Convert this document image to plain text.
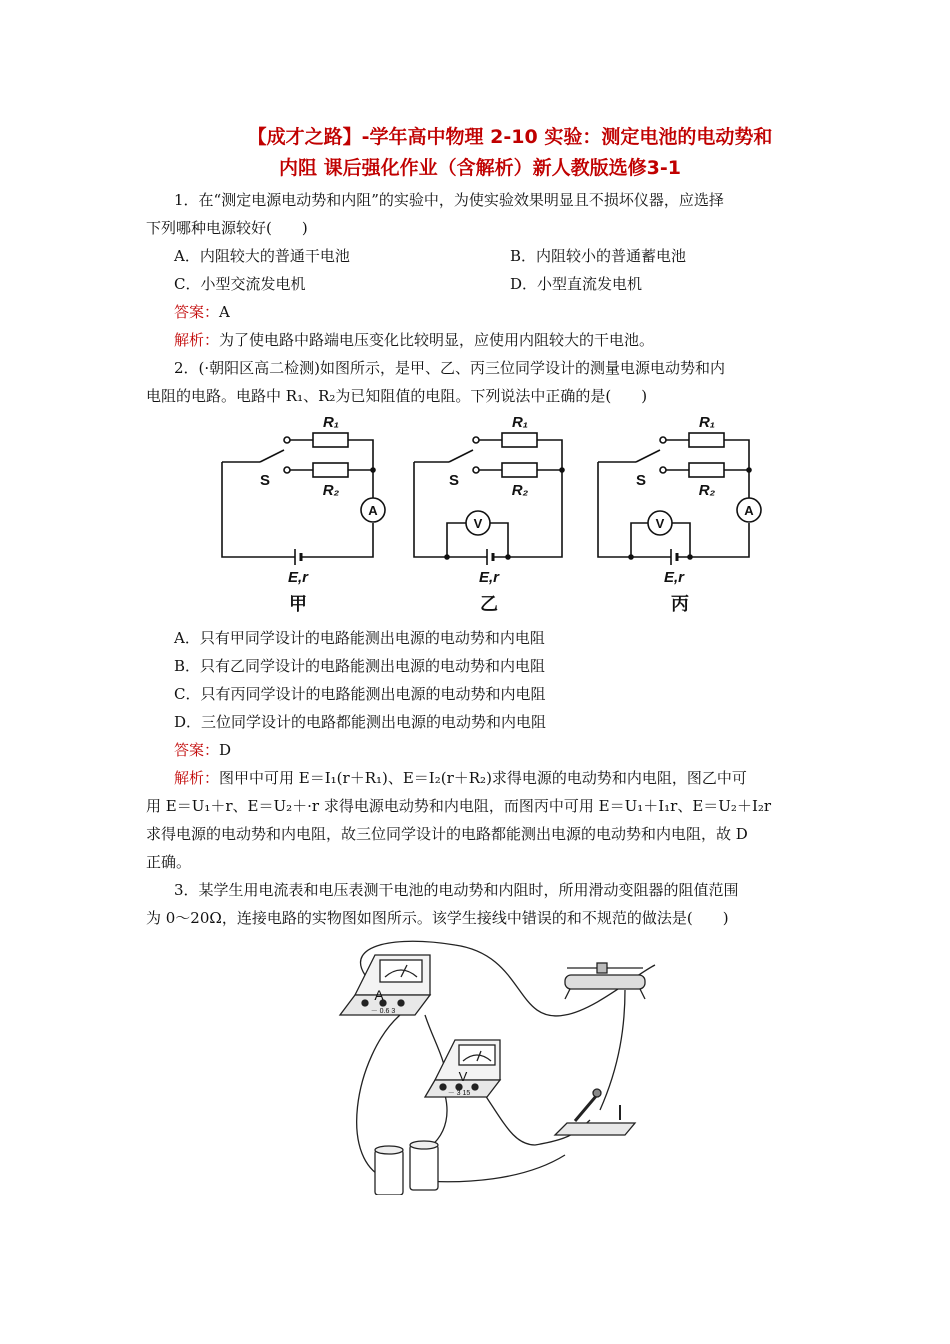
【成才之路】-学年高中物理 2-10 实验：测定电池的电动势和
内阻 课后强化作业（含解析）新人教版选修3-1
1．在“测定电源电动势和内阻”的实验中，为使实验效果明显且不损坏仪器，应选择
下列哪种电源较好(　　)
A．内阻较大的普通干电池	B．内阻较小的普通蓄电池
C．小型交流发电机	D．小型直流发电机
答案：A
解析：为了使电路中路端电压变化比较明显，应使用内阻较大的干电池。
2．(·朝阳区高二检测)如图所示，是甲、乙、丙三位同学设计的测量电源电动势和内
电阻的电路。电路中 R₁、R₂为已知阻值的电阻。下列说法中正确的是(　　)
R₁
R₂
S
A
E,r
甲
R₁
R₂
S
V
E,r
乙
R₁
R₂
S
V
A
E,r
丙
A．只有甲同学设计的电路能测出电源的电动势和内电阻
B．只有乙同学设计的电路能测出电源的电动势和内电阻
C．只有丙同学设计的电路能测出电源的电动势和内电阻
D．三位同学设计的电路都能测出电源的电动势和内电阻
答案：D
解析：图甲中可用 E＝I₁(r＋R₁)、E＝I₂(r＋R₂)求得电源的电动势和内电阻，图乙中可
用 E＝U₁＋r、E＝U₂＋·r 求得电源电动势和内电阻，而图丙中可用 E＝U₁＋I₁r、E＝U₂＋I₂r
求得电源的电动势和内电阻，故三位同学设计的电路都能测出电源的电动势和内电阻，故 D
正确。
3．某学生用电流表和电压表测干电池的电动势和内阻时，所用滑动变阻器的阻值范围
为 0～20Ω，连接电路的实物图如图所示。该学生接线中错误的和不规范的做法是(　　)
A
－ 0.6 3
V
－ 3 15
